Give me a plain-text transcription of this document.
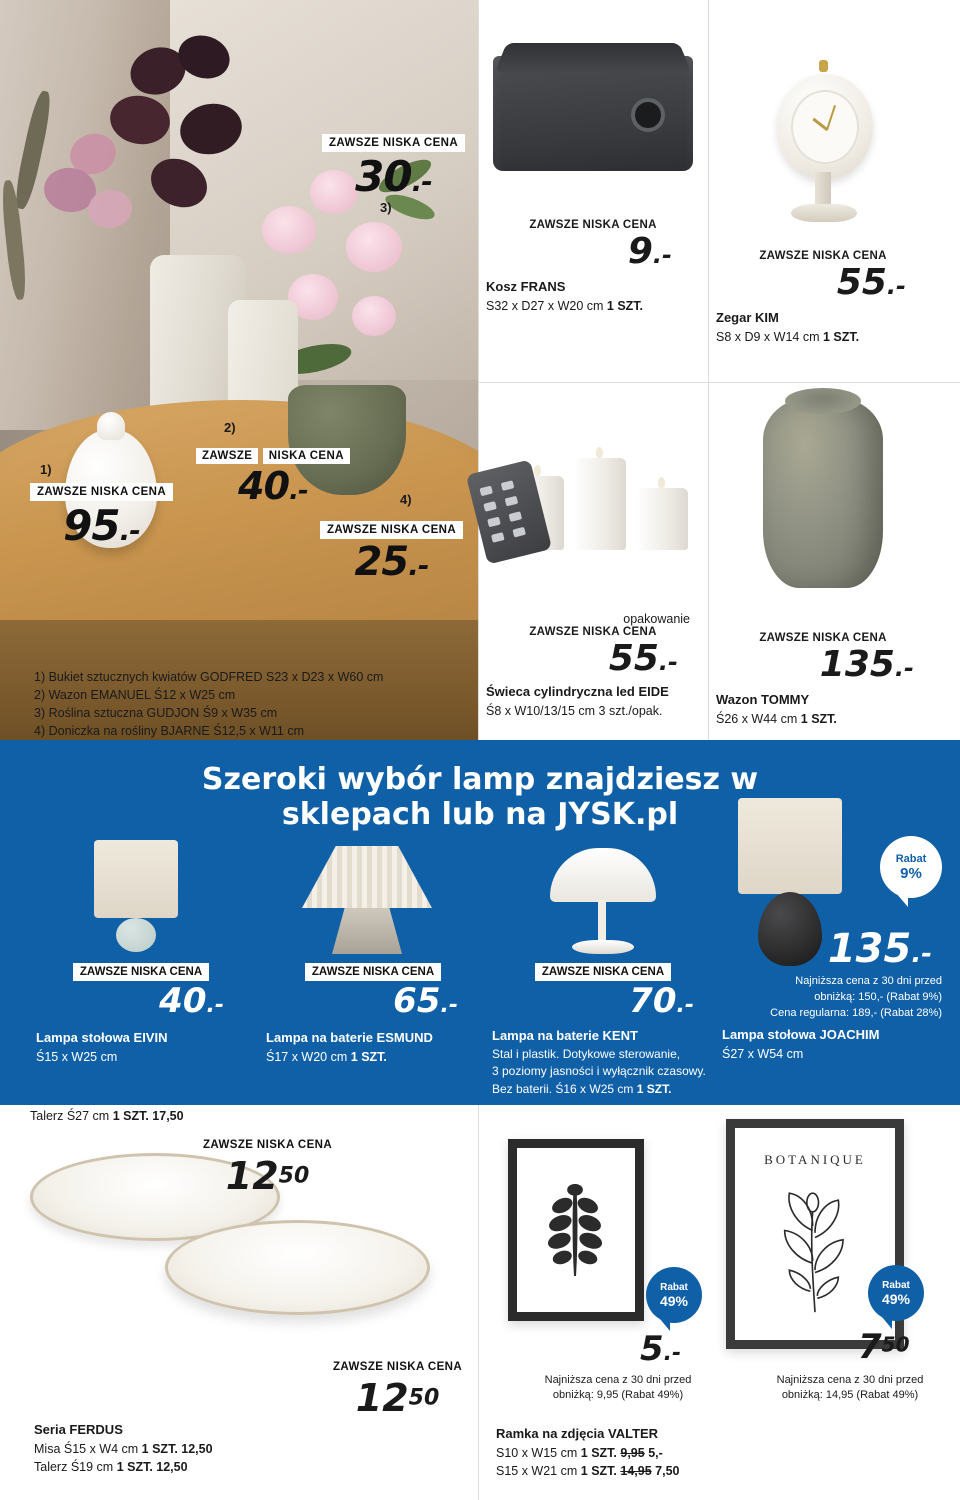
3)
ZAWSZE NISKA CENA
30.-
1)
ZAWSZE NISKA CENA
95.-
2)
ZAWSZE NISKA CENA
40.-	4)
ZAWSZE NISKA CENA
25.-
1) Bukiet sztucznych kwiatów GODFRED S23 x D23 x W60 cm
2) Wazon EMANUEL Ś12 x W25 cm
3) Roślina sztuczna GUDJON Ś9 x W35 cm
4) Doniczka na rośliny BJARNE Ś12,5 x W11 cm
ZAWSZE NISKA CENA
9.-
Kosz FRANS
S32 x D27 x W20 cm 1 SZT.
ZAWSZE NISKA CENA
55.-
Zegar KIM
S8 x D9 x W14 cm 1 SZT.
opakowanie
ZAWSZE NISKA CENA
55.-
Świeca cylindryczna led EIDE
Ś8 x W10/13/15 cm 3 szt./opak.
ZAWSZE NISKA CENA
135.-
Wazon TOMMY
Ś26 x W44 cm 1 SZT.
Szeroki wybór lamp znajdziesz w
sklepach lub na JYSK.pl
ZAWSZE NISKA CENA
40.-
Lampa stołowa EIVIN
Ś15 x W25 cm
ZAWSZE NISKA CENA
65.-
Lampa na baterie ESMUND
Ś17 x W20 cm 1 SZT.
ZAWSZE NISKA CENA
70.-
Lampa na baterie KENT
Stal i plastik. Dotykowe sterowanie,
3 poziomy jasności i wyłącznik czasowy.
Bez baterii. Ś16 x W25 cm 1 SZT.
Rabat
9%
135.-
Najniższa cena z 30 dni przed
obniżką: 150,- (Rabat 9%)
Cena regularna: 189,- (Rabat 28%)
Lampa stołowa JOACHIM
Ś27 x W54 cm
Talerz Ś27 cm 1 SZT. 17,50
ZAWSZE NISKA CENA
1250
ZAWSZE NISKA CENA
1250
Seria FERDUS
Misa Ś15 x W4 cm 1 SZT. 12,50
Talerz Ś19 cm 1 SZT. 12,50
Rabat
49%
5.-
Najniższa cena z 30 dni przed
obniżką: 9,95 (Rabat 49%)
BOTANIQUE
Rabat
49%
750
Najniższa cena z 30 dni przed
obniżką: 14,95 (Rabat 49%)
Ramka na zdjęcia VALTER
S10 x W15 cm 1 SZT. 9,95 5,-
S15 x W21 cm 1 SZT. 14,95 7,50
